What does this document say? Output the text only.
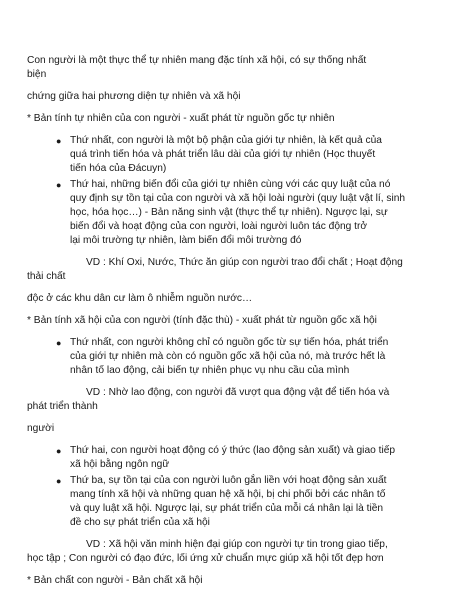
Con người là một thực thể tự nhiên mang đặc tính xã hội, có sự thống nhất
biện
chứng giữa hai phương diện tự nhiên và xã hội
* Bản tính tự nhiên của con người - xuất phát từ nguồn gốc tự nhiên
● Thứ nhất, con người là một bộ phận của giới tự nhiên, là kết quả của
quá trình tiến hóa và phát triển lâu dài của giới tự nhiên (Học thuyết
tiến hóa của Đácuyn)
● Thứ hai, những biến đổi của giới tự nhiên cùng với các quy luật của nó
quy định sự tồn tại của con người và xã hội loài người (quy luật vật lí, sinh
học, hóa học…) - Bản năng sinh vật (thực thể tự nhiên). Ngược lại, sự
biến đổi và hoạt động của con người, loài người luôn tác động trở
lại môi trường tự nhiên, làm biến đổi môi trường đó
VD : Khí Oxi, Nước, Thức ăn giúp con người trao đổi chất ; Hoạt động
thải chất
độc ở các khu dân cư làm ô nhiễm nguồn nước…
* Bản tính xã hội của con người (tính đặc thù) - xuất phát từ nguồn gốc xã hội
● Thứ nhất, con người không chỉ có nguồn gốc từ sự tiến hóa, phát triển
của giới tự nhiên mà còn có nguồn gốc xã hội của nó, mà trước hết là
nhân tố lao động, cải biến tự nhiên phục vụ nhu cầu của mình
VD : Nhờ lao động, con người đã vượt qua động vật để tiến hóa và
phát triển thành
người
● Thứ hai, con người hoạt động có ý thức (lao động sản xuất) và giao tiếp
xã hội bằng ngôn ngữ
● Thứ ba, sự tồn tại của con người luôn gắn liền với hoạt động sản xuất
mang tính xã hội và những quan hệ xã hội, bị chi phối bởi các nhân tố
và quy luật xã hội. Ngược lại, sự phát triển của mỗi cá nhân lại là tiền
đề cho sự phát triển của xã hội
VD : Xã hội văn minh hiện đại giúp con người tự tin trong giao tiếp,
học tập ; Con người có đạo đức, lối ứng xử chuẩn mực giúp xã hội tốt đẹp hơn
* Bản chất con người - Bản chất xã hội
